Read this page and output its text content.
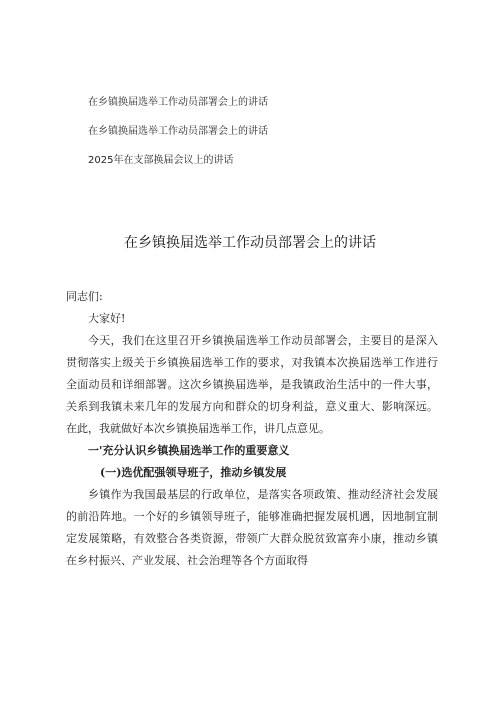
在乡镇换届选举工作动员部署会上的讲话
在乡镇换届选举工作动员部署会上的讲话
2025年在支部换届会议上的讲话
在乡镇换届选举工作动员部署会上的讲话

同志们:

大家好!

今天，我们在这里召开乡镇换届选举工作动员部署会，主要目的是深入贯彻落实上级关于乡镇换届选举工作的要求，对我镇本次换届选举工作进行全面动员和详细部署。这次乡镇换届选举，是我镇政治生活中的一件大事，关系到我镇未来几年的发展方向和群众的切身利益，意义重大、影响深远。在此，我就做好本次乡镇换届选举工作，讲几点意见。

一'充分认识乡镇换届选举工作的重要意义

(一)选优配强领导班子，推动乡镇发展

乡镇作为我国最基层的行政单位，是落实各项政策、推动经济社会发展的前沿阵地。一个好的乡镇领导班子，能够准确把握发展机遇，因地制宜制定发展策略，有效整合各类资源，带领广大群众脱贫致富奔小康，推动乡镇在乡村振兴、产业发展、社会治理等各个方面取得
